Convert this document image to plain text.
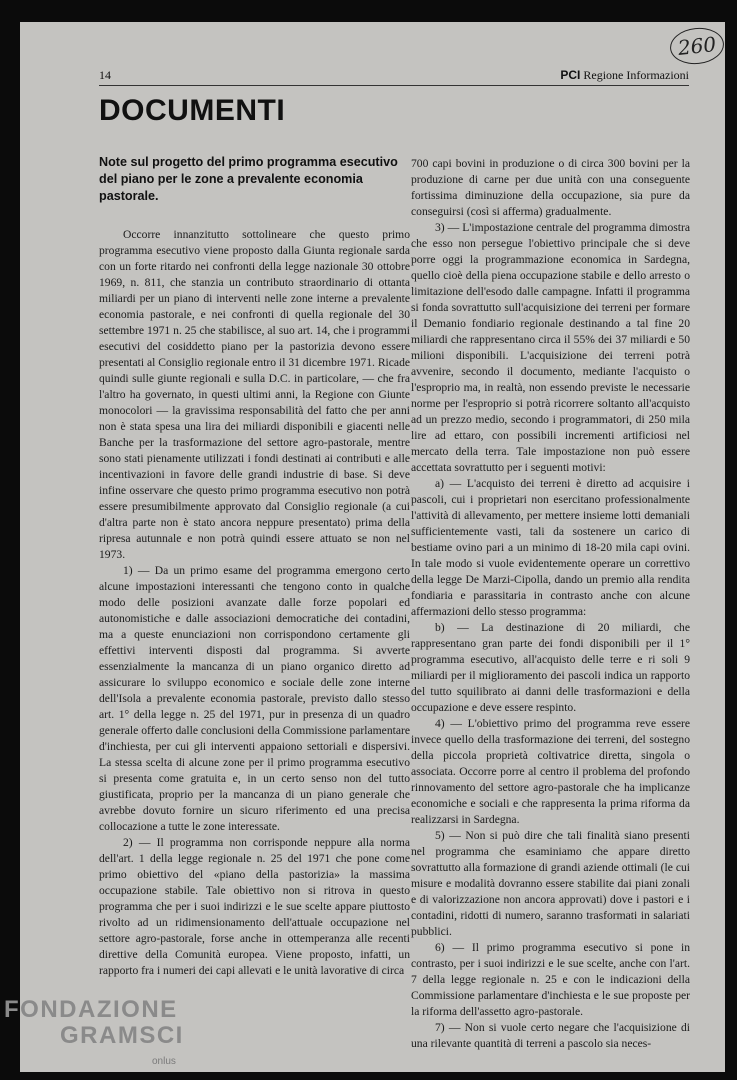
260
14	PCI Regione Informazioni
DOCUMENTI

Note sul progetto del primo programma esecutivo del piano per le zone a prevalente economia pastorale.

Occorre innanzitutto sottolineare che questo primo programma esecutivo viene proposto dalla Giunta regionale sarda con un forte ritardo nei confronti della legge nazionale 30 ottobre 1969, n. 811, che stanzia un contributo straordinario di ottanta miliardi per un piano di interventi nelle zone interne a prevalente economia pastorale, e nei confronti di quella regionale del 30 settembre 1971 n. 25 che stabilisce, al suo art. 14, che i programmi esecutivi del cosiddetto piano per la pastorizia devono essere presentati al Consiglio regionale entro il 31 dicembre 1971. Ricade quindi sulle giunte regionali e sulla D.C. in particolare, — che fra l'altro ha governato, in questi ultimi anni, la Regione con Giunte monocolori — la gravissima responsabilità del fatto che per anni non è stata spesa una lira dei miliardi disponibili e giacenti nelle Banche per la trasformazione del settore agro-pastorale, mentre sono stati pienamente utilizzati i fondi destinati ai contributi e alle incentivazioni in favore delle grandi industrie di base. Si deve infine osservare che questo primo programma esecutivo non potrà essere presumibilmente approvato dal Consiglio regionale (a cui d'altra parte non è stato ancora neppure presentato) prima della ripresa autunnale e non potrà quindi essere attuato se non nel 1973.

1) — Da un primo esame del programma emergono certo alcune impostazioni interessanti che tengono conto in qualche modo delle posizioni avanzate dalle forze popolari ed autonomistiche e dalle associazioni democratiche dei contadini, ma a queste enunciazioni non corrispondono certamente gli effettivi interventi disposti dal programma. Si avverte essenzialmente la mancanza di un piano organico diretto ad assicurare lo sviluppo economico e sociale delle zone interne dell'Isola a prevalente economia pastorale, previsto dallo stesso art. 1° della legge n. 25 del 1971, pur in presenza di un quadro generale offerto dalle conclusioni della Commissione parlamentare d'inchiesta, per cui gli interventi appaiono settoriali e dispersivi. La stessa scelta di alcune zone per il primo programma esecutivo si presenta come gratuita e, in un certo senso non del tutto giustificata, proprio per la mancanza di un piano generale che avrebbe dovuto fornire un sicuro riferimento ed una precisa collocazione a tutte le zone interessate.

2) — Il programma non corrisponde neppure alla norma dell'art. 1 della legge regionale n. 25 del 1971 che pone come primo obiettivo del «piano della pastorizia» la massima occupazione stabile. Tale obiettivo non si ritrova in questo programma che per i suoi indirizzi e le sue scelte appare piuttosto rivolto ad un ridimensionamento dell'attuale occupazione nel settore agro-pastorale, forse anche in ottemperanza alle recenti direttive della Comunità europea. Viene proposto, infatti, un rapporto fra i numeri dei capi allevati e le unità lavorative di circa

700 capi bovini in produzione o di circa 300 bovini per la produzione di carne per due unità con una conseguente fortissima diminuzione della occupazione, sia pure da conseguirsi (così si afferma) gradualmente.

3) — L'impostazione centrale del programma dimostra che esso non persegue l'obiettivo principale che si deve porre oggi la programmazione economica in Sardegna, quello cioè della piena occupazione stabile e dello arresto o limitazione dell'esodo dalle campagne. Infatti il programma si fonda sovrattutto sull'acquisizione dei terreni per formare il Demanio fondiario regionale destinando a tal fine 20 miliardi che rappresentano circa il 55% dei 37 miliardi e 50 milioni disponibili. L'acquisizione dei terreni potrà avvenire, secondo il documento, mediante l'acquisto o l'esproprio ma, in realtà, non essendo previste le necessarie norme per l'esproprio si potrà ricorrere soltanto all'acquisto ad un prezzo medio, secondo i programmatori, di 250 mila lire ad ettaro, con possibili incrementi artificiosi nel mercato della terra. Tale impostazione non può essere accettata sovrattutto per i seguenti motivi:

a) — L'acquisto dei terreni è diretto ad acquisire i pascoli, cui i proprietari non esercitano professionalmente l'attività di allevamento, per mettere insieme lotti demaniali sufficientemente vasti, tali da sostenere un carico di bestiame ovino pari a un minimo di 18-20 mila capi ovini. In tale modo si vuole evidentemente operare un correttivo della legge De Marzi-Cipolla, dando un premio alla rendita fondiaria e parassitaria in contrasto anche con alcune affermazioni dello stesso programma:

b) — La destinazione di 20 miliardi, che rappresentano gran parte dei fondi disponibili per il 1° programma esecutivo, all'acquisto delle terre e ri soli 9 miliardi per il miglioramento dei pascoli indica un rapporto del tutto squilibrato ai danni delle trasformazioni e della occupazione e deve essere respinto.

4) — L'obiettivo primo del programma reve essere invece quello della trasformazione dei terreni, del sostegno della piccola proprietà coltivatrice diretta, singola o associata. Occorre porre al centro il problema del profondo rinnovamento del settore agro-pastorale che ha implicanze economiche e sociali e che rappresenta la prima riforma da realizzarsi in Sardegna.

5) — Non si può dire che tali finalità siano presenti nel programma che esaminiamo che appare diretto sovrattutto alla formazione di grandi aziende ottimali (le cui misure e modalità dovranno essere stabilite dai piani zonali e di valorizzazione non ancora approvati) dove i pastori e i contadini, ridotti di numero, saranno trasformati in salariati pubblici.

6) — Il primo programma esecutivo si pone in contrasto, per i suoi indirizzi e le sue scelte, anche con l'art. 7 della legge regionale n. 25 e con le indicazioni della Commissione parlamentare d'inchiesta e le sue proposte per la riforma dell'assetto agro-pastorale.

7) — Non si vuole certo negare che l'acquisizione di una rilevante quantità di terreni a pascolo sia neces-

FONDAZIONE
GRAMSCI
onlus
